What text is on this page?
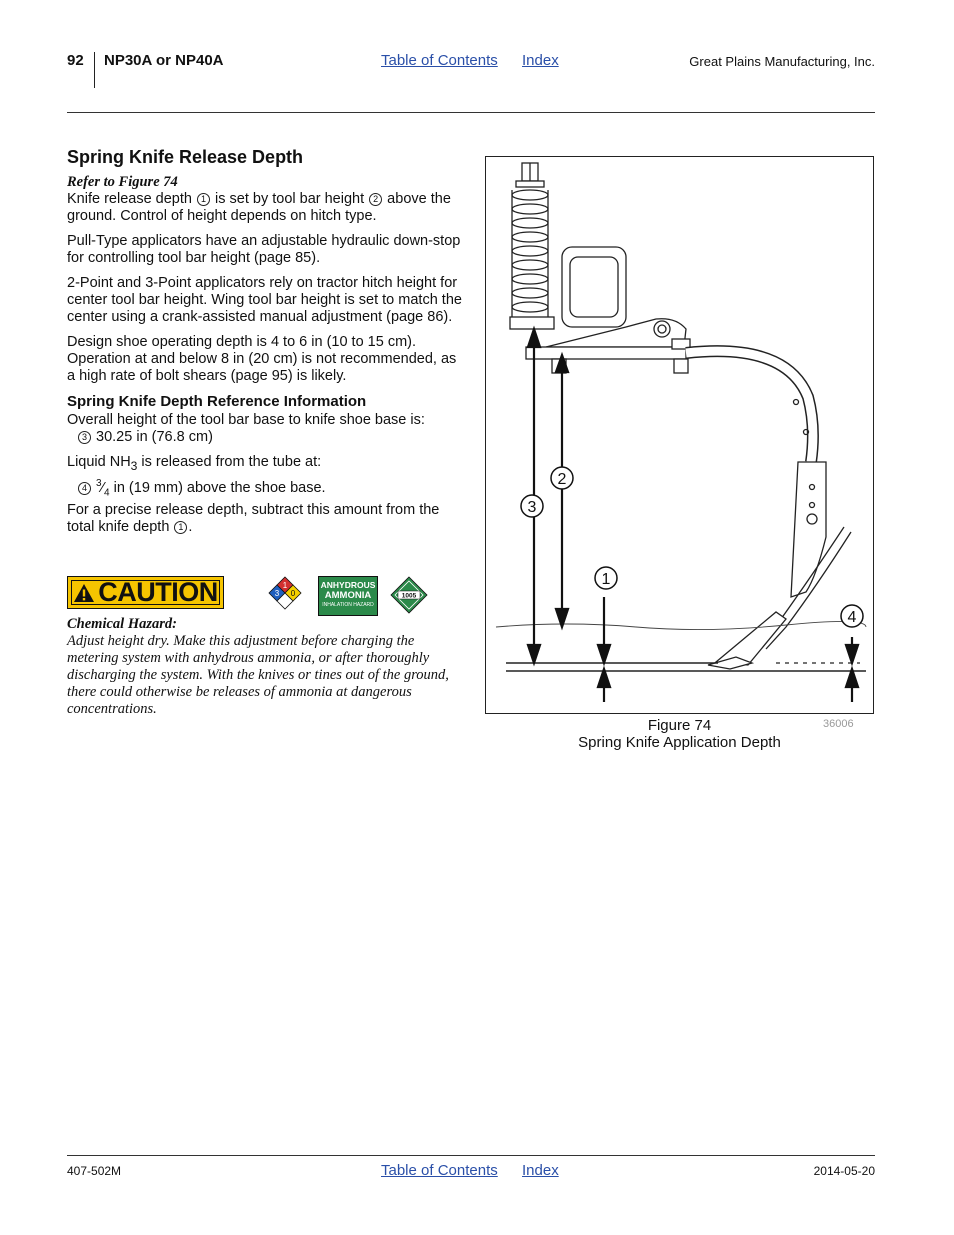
92 NP30A or NP40A	Table of Contents Index	Great Plains Manufacturing, Inc.
Spring Knife Release Depth
Refer to Figure 74

Knife release depth 1 is set by tool bar height 2 above the ground. Control of height depends on hitch type.

Pull-Type applicators have an adjustable hydraulic down-stop for controlling tool bar height (page 85).

2-Point and 3-Point applicators rely on tractor hitch height for center tool bar height. Wing tool bar height is set to match the center using a crank-assisted manual adjustment (page 86).

Design shoe operating depth is 4 to 6 in (10 to 15 cm). Operation at and below 8 in (20 cm) is not recommended, as a high rate of bolt shears (page 95) is likely.

Spring Knife Depth Reference Information

Overall height of the tool bar base to knife shoe base is:

3 30.25 in (76.8 cm)

Liquid $NH_3$ is released from the tube at:

4 $^3⁄_4$ in (19 mm) above the shoe base.

For a precise release depth, subtract this amount from the total knife depth 1 .

CAUTION	1
3 0
ANHYDROUS
AMMONIA
INHALATION HAZARD
1005
Chemical Hazard:
Adjust height dry. Make this adjustment before charging the metering system with anhydrous ammonia, or after thoroughly discharging the system. With the knives or tines out of the ground, there could otherwise be releases of ammonia at dangerous concentrations.
1
2
3
4
Figure 74
Spring Knife Application Depth
36006
407-502M	Table of Contents Index	2014-05-20
